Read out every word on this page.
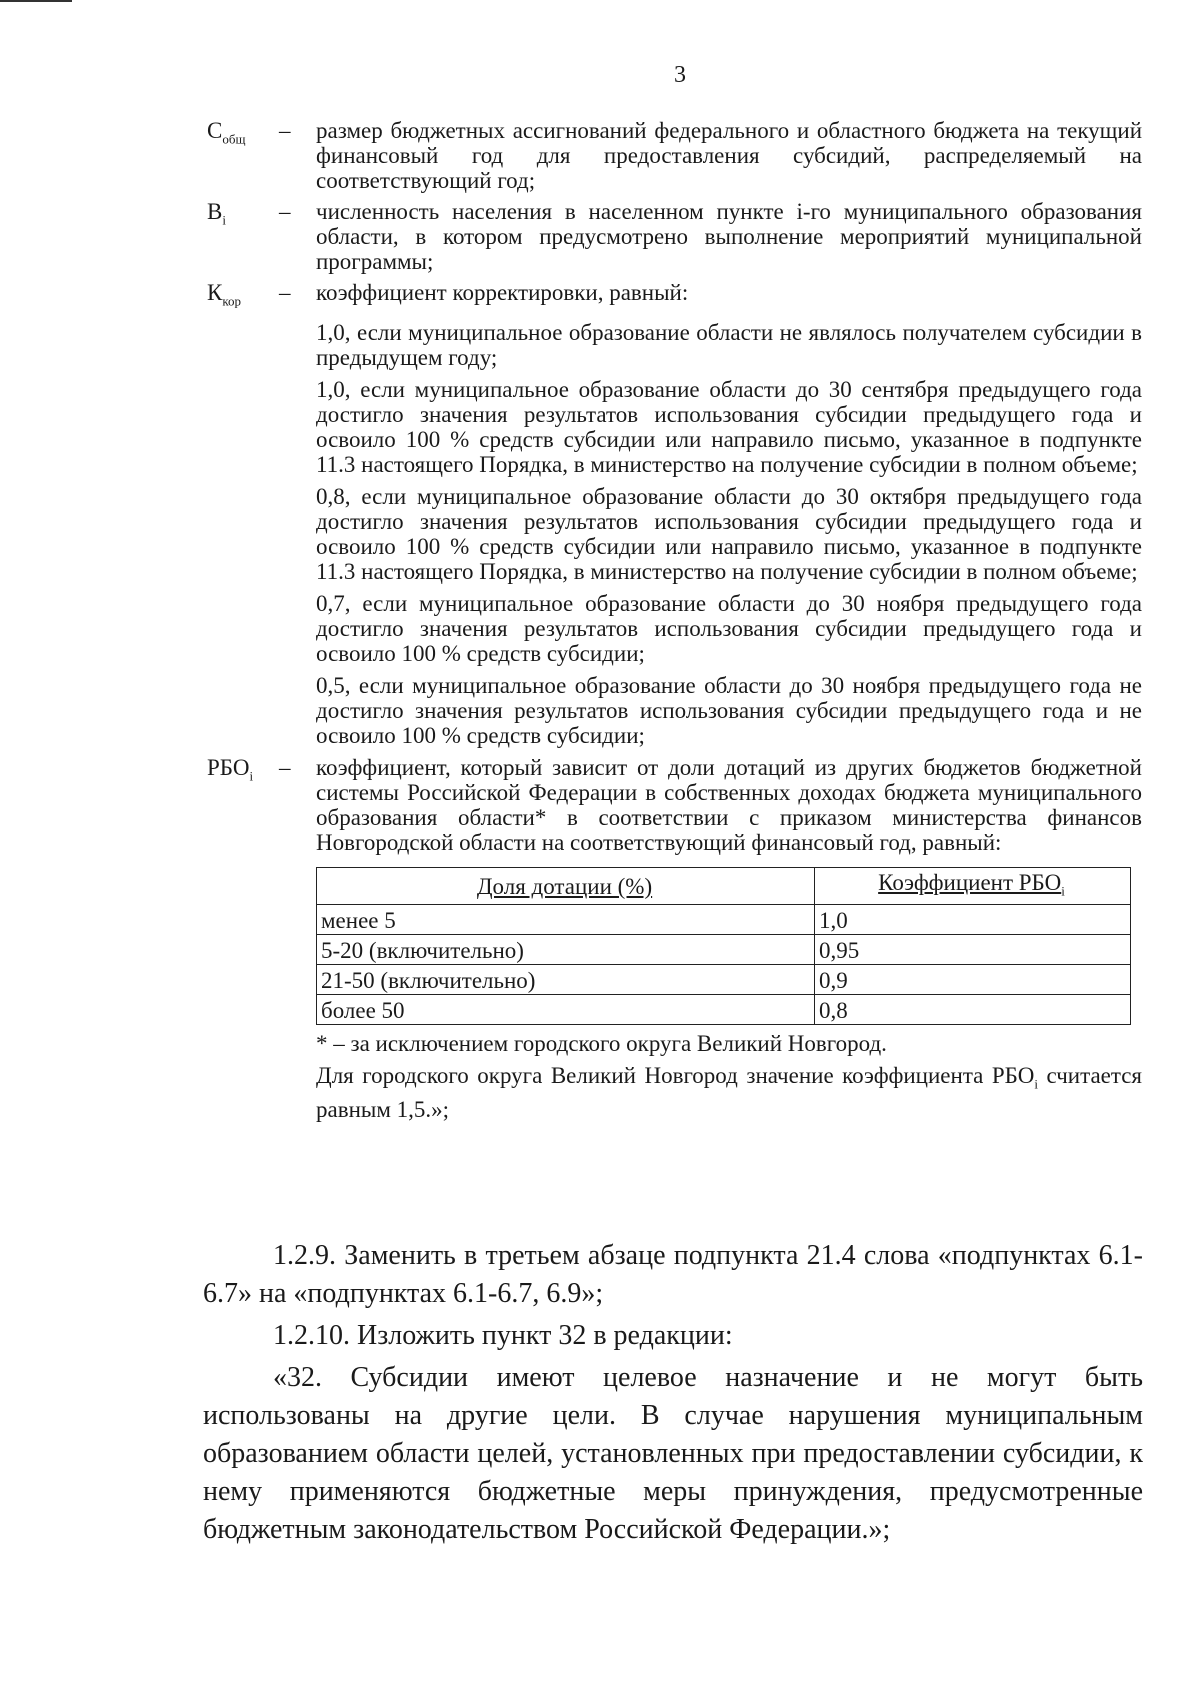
3
$С_{общ}$	–	размер бюджетных ассигнований федерального и областного бюджета на текущий финансовый год для предоставления субсидий, распределяемый на соответствующий год;
$В_i$	–	численность населения в населенном пункте i-го муниципального образования области, в котором предусмотрено выполнение мероприятий муниципальной программы;
$К_{кор}$	–	коэффициент корректировки, равный:
1,0, если муниципальное образование области не являлось получателем субсидии в предыдущем году;
1,0, если муниципальное образование области до 30 сентября предыдущего года достигло значения результатов использования субсидии предыдущего года и освоило 100 % средств субсидии или направило письмо, указанное в подпункте 11.3 настоящего Порядка, в министерство на получение субсидии в полном объеме;
0,8, если муниципальное образование области до 30 октября предыдущего года достигло значения результатов использования субсидии предыдущего года и освоило 100 % средств субсидии или направило письмо, указанное в подпункте 11.3 настоящего Порядка, в министерство на получение субсидии в полном объеме;
0,7, если муниципальное образование области до 30 ноября предыдущего года достигло значения результатов использования субсидии предыдущего года и освоило 100 % средств субсидии;
0,5, если муниципальное образование области до 30 ноября предыдущего года не достигло значения результатов использования субсидии предыдущего года и не освоило 100 % средств субсидии;
$РБО_i$	–	коэффициент, который зависит от доли дотаций из других бюджетов бюджетной системы Российской Федерации в собственных доходах бюджета муниципального образования области* в соответствии с приказом министерства финансов Новгородской области на соответствующий финансовый год, равный:
Доля дотации (%)	Коэффициент $РБО_i$
менее 5	1,0
5-20 (включительно)	0,95
21-50 (включительно)	0,9
более 50	0,8
* – за исключением городского округа Великий Новгород.
Для городского округа Великий Новгород значение коэффициента $РБО_i$ считается равным 1,5.»;

1.2.9. Заменить в третьем абзаце подпункта 21.4 слова «подпунктах 6.1-6.7» на «подпунктах 6.1-6.7, 6.9»;

1.2.10. Изложить пункт 32 в редакции:

«32. Субсидии имеют целевое назначение и не могут быть использованы на другие цели. В случае нарушения муниципальным образованием области целей, установленных при предоставлении субсидии, к нему применяются бюджетные меры принуждения, предусмотренные бюджетным законодательством Российской Федерации.»;
